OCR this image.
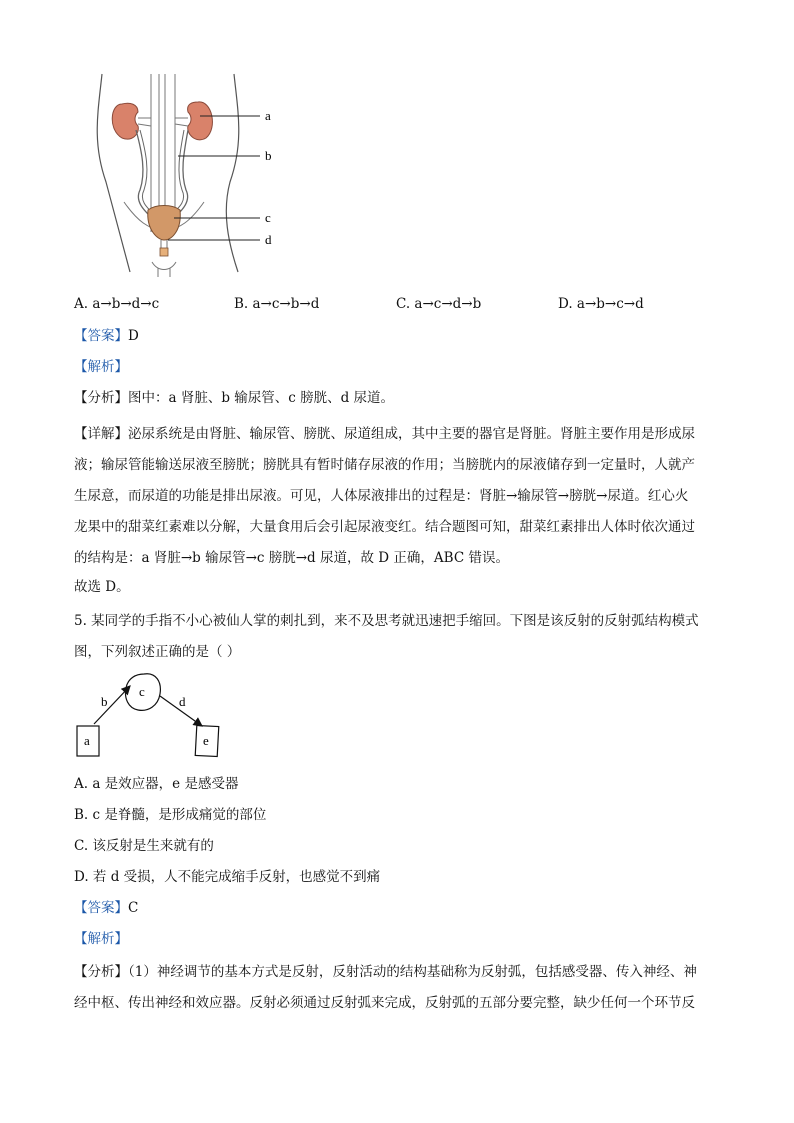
a
b
c
d
A. a→b→d→c	B. a→c→b→d	C. a→c→d→b	D. a→b→c→d
【答案】D
【解析】
【分析】图中：a 肾脏、b 输尿管、c 膀胱、d 尿道。
【详解】泌尿系统是由肾脏、输尿管、膀胱、尿道组成，其中主要的器官是肾脏。肾脏主要作用是形成尿
液；输尿管能输送尿液至膀胱；膀胱具有暂时储存尿液的作用；当膀胱内的尿液储存到一定量时，人就产
生尿意，而尿道的功能是排出尿液。可见，人体尿液排出的过程是：肾脏→输尿管→膀胱→尿道。红心火
龙果中的甜菜红素难以分解，大量食用后会引起尿液变红。结合题图可知，甜菜红素排出人体时依次通过
的结构是：a 肾脏→b 输尿管→c 膀胱→d 尿道，故 D 正确，ABC 错误。
故选 D。
5. 某同学的手指不小心被仙人掌的刺扎到，来不及思考就迅速把手缩回。下图是该反射的反射弧结构模式
图，下列叙述正确的是（ ）
c
a	e
b	d
A. a 是效应器，e 是感受器
B. c 是脊髓，是形成痛觉的部位
C. 该反射是生来就有的
D. 若 d 受损，人不能完成缩手反射，也感觉不到痛
【答案】C
【解析】
【分析】（1）神经调节的基本方式是反射，反射活动的结构基础称为反射弧，包括感受器、传入神经、神
经中枢、传出神经和效应器。反射必须通过反射弧来完成，反射弧的五部分要完整，缺少任何一个环节反
